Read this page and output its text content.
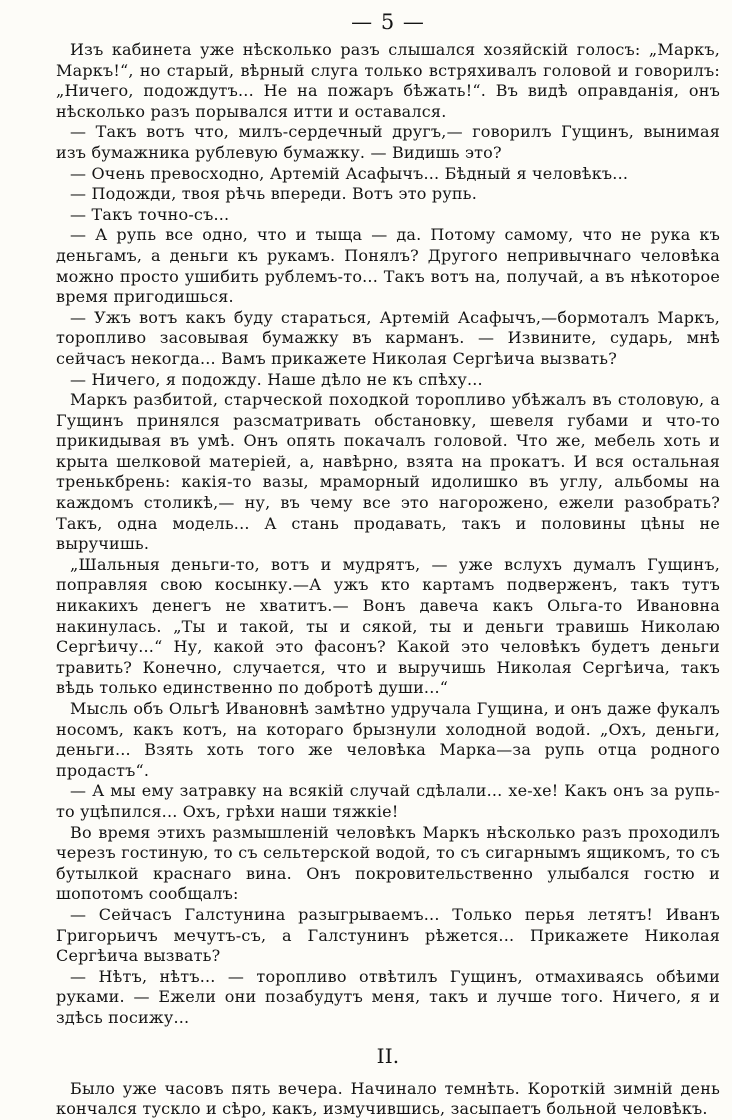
— 5 —

Изъ кабинета уже нѣсколько разъ слышался хозяйскій голосъ: „Маркъ, Маркъ!“, но старый, вѣрный слуга только встряхивалъ головой и говорилъ: „Ничего, подождутъ... Не на пожаръ бѣжать!“. Въ видѣ оправданія, онъ нѣсколько разъ порывался итти и оставался.

— Такъ вотъ что, милъ-сердечный другъ,— говорилъ Гущинъ, вынимая изъ бумажника рублевую бумажку. — Видишь это?

— Очень превосходно, Артемій Асафычъ... Бѣдный я человѣкъ...

— Подожди, твоя рѣчь впереди. Вотъ это рупь.

— Такъ точно-съ...

— А рупь все одно, что и тыща — да. Потому самому, что не рука къ деньгамъ, а деньги къ рукамъ. Понялъ? Другого непривычнаго человѣка можно просто ушибить рублемъ-то... Такъ вотъ на, получай, а въ нѣкоторое время пригодишься.

— Ужъ вотъ какъ буду стараться, Артемій Асафычъ,—бормоталъ Маркъ, торопливо засовывая бумажку въ карманъ. — Извините, сударь, мнѣ сейчасъ некогда... Вамъ прикажете Николая Сергѣича вызвать?

— Ничего, я подожду. Наше дѣло не къ спѣху...

Маркъ разбитой, старческой походкой торопливо убѣжалъ въ столовую, а Гущинъ принялся разсматривать обстановку, шевеля губами и что-то прикидывая въ умѣ. Онъ опять покачалъ головой. Что же, мебель хоть и крыта шелковой матеріей, а, навѣрно, взята на прокатъ. И вся остальная тренькбрень: какія-то вазы, мраморный идолишко въ углу, альбомы на каждомъ столикѣ,— ну, въ чему все это нагорожено, ежели разобрать? Такъ, одна модель... А стань продавать, такъ и половины цѣны не выручишь.

„Шальныя деньги-то, вотъ и мудрятъ, — уже вслухъ думалъ Гущинъ, поправляя свою косынку.—А ужъ кто картамъ подверженъ, такъ тутъ никакихъ денегъ не хватитъ.— Вонъ давеча какъ Ольга-то Ивановна накинулась. „Ты и такой, ты и сякой, ты и деньги травишь Николаю Сергѣичу...“ Ну, какой это фасонъ? Какой это человѣкъ будетъ деньги травить? Конечно, случается, что и выручишь Николая Сергѣича, такъ вѣдь только единственно по добротѣ души...“

Мысль объ Ольгѣ Ивановнѣ замѣтно удручала Гущина, и онъ даже фукалъ носомъ, какъ котъ, на котораго брызнули холодной водой. „Охъ, деньги, деньги... Взять хоть того же человѣка Марка—за рупь отца родного продастъ“.

— А мы ему затравку на всякій случай сдѣлали... хе-хе! Какъ онъ за рупь-то уцѣпился... Охъ, грѣхи наши тяжкіе!

Во время этихъ размышленій человѣкъ Маркъ нѣсколько разъ проходилъ черезъ гостиную, то съ сельтерской водой, то съ сигарнымъ ящикомъ, то съ бутылкой краснаго вина. Онъ покровительственно улыбался гостю и шопотомъ сообщалъ:

— Сейчасъ Галстунина разыгрываемъ... Только перья летятъ! Иванъ Григорьичъ мечутъ-съ, а Галстунинъ рѣжется... Прикажете Николая Сергѣича вызвать?

— Нѣтъ, нѣтъ... — торопливо отвѣтилъ Гущинъ, отмахиваясь обѣими руками. — Ежели они позабудутъ меня, такъ и лучше того. Ничего, я и здѣсь посижу...

II.

Было уже часовъ пять вечера. Начинало темнѣть. Короткій зимній день кончался тускло и сѣро, какъ, измучившись, засыпаетъ больной человѣкъ.
